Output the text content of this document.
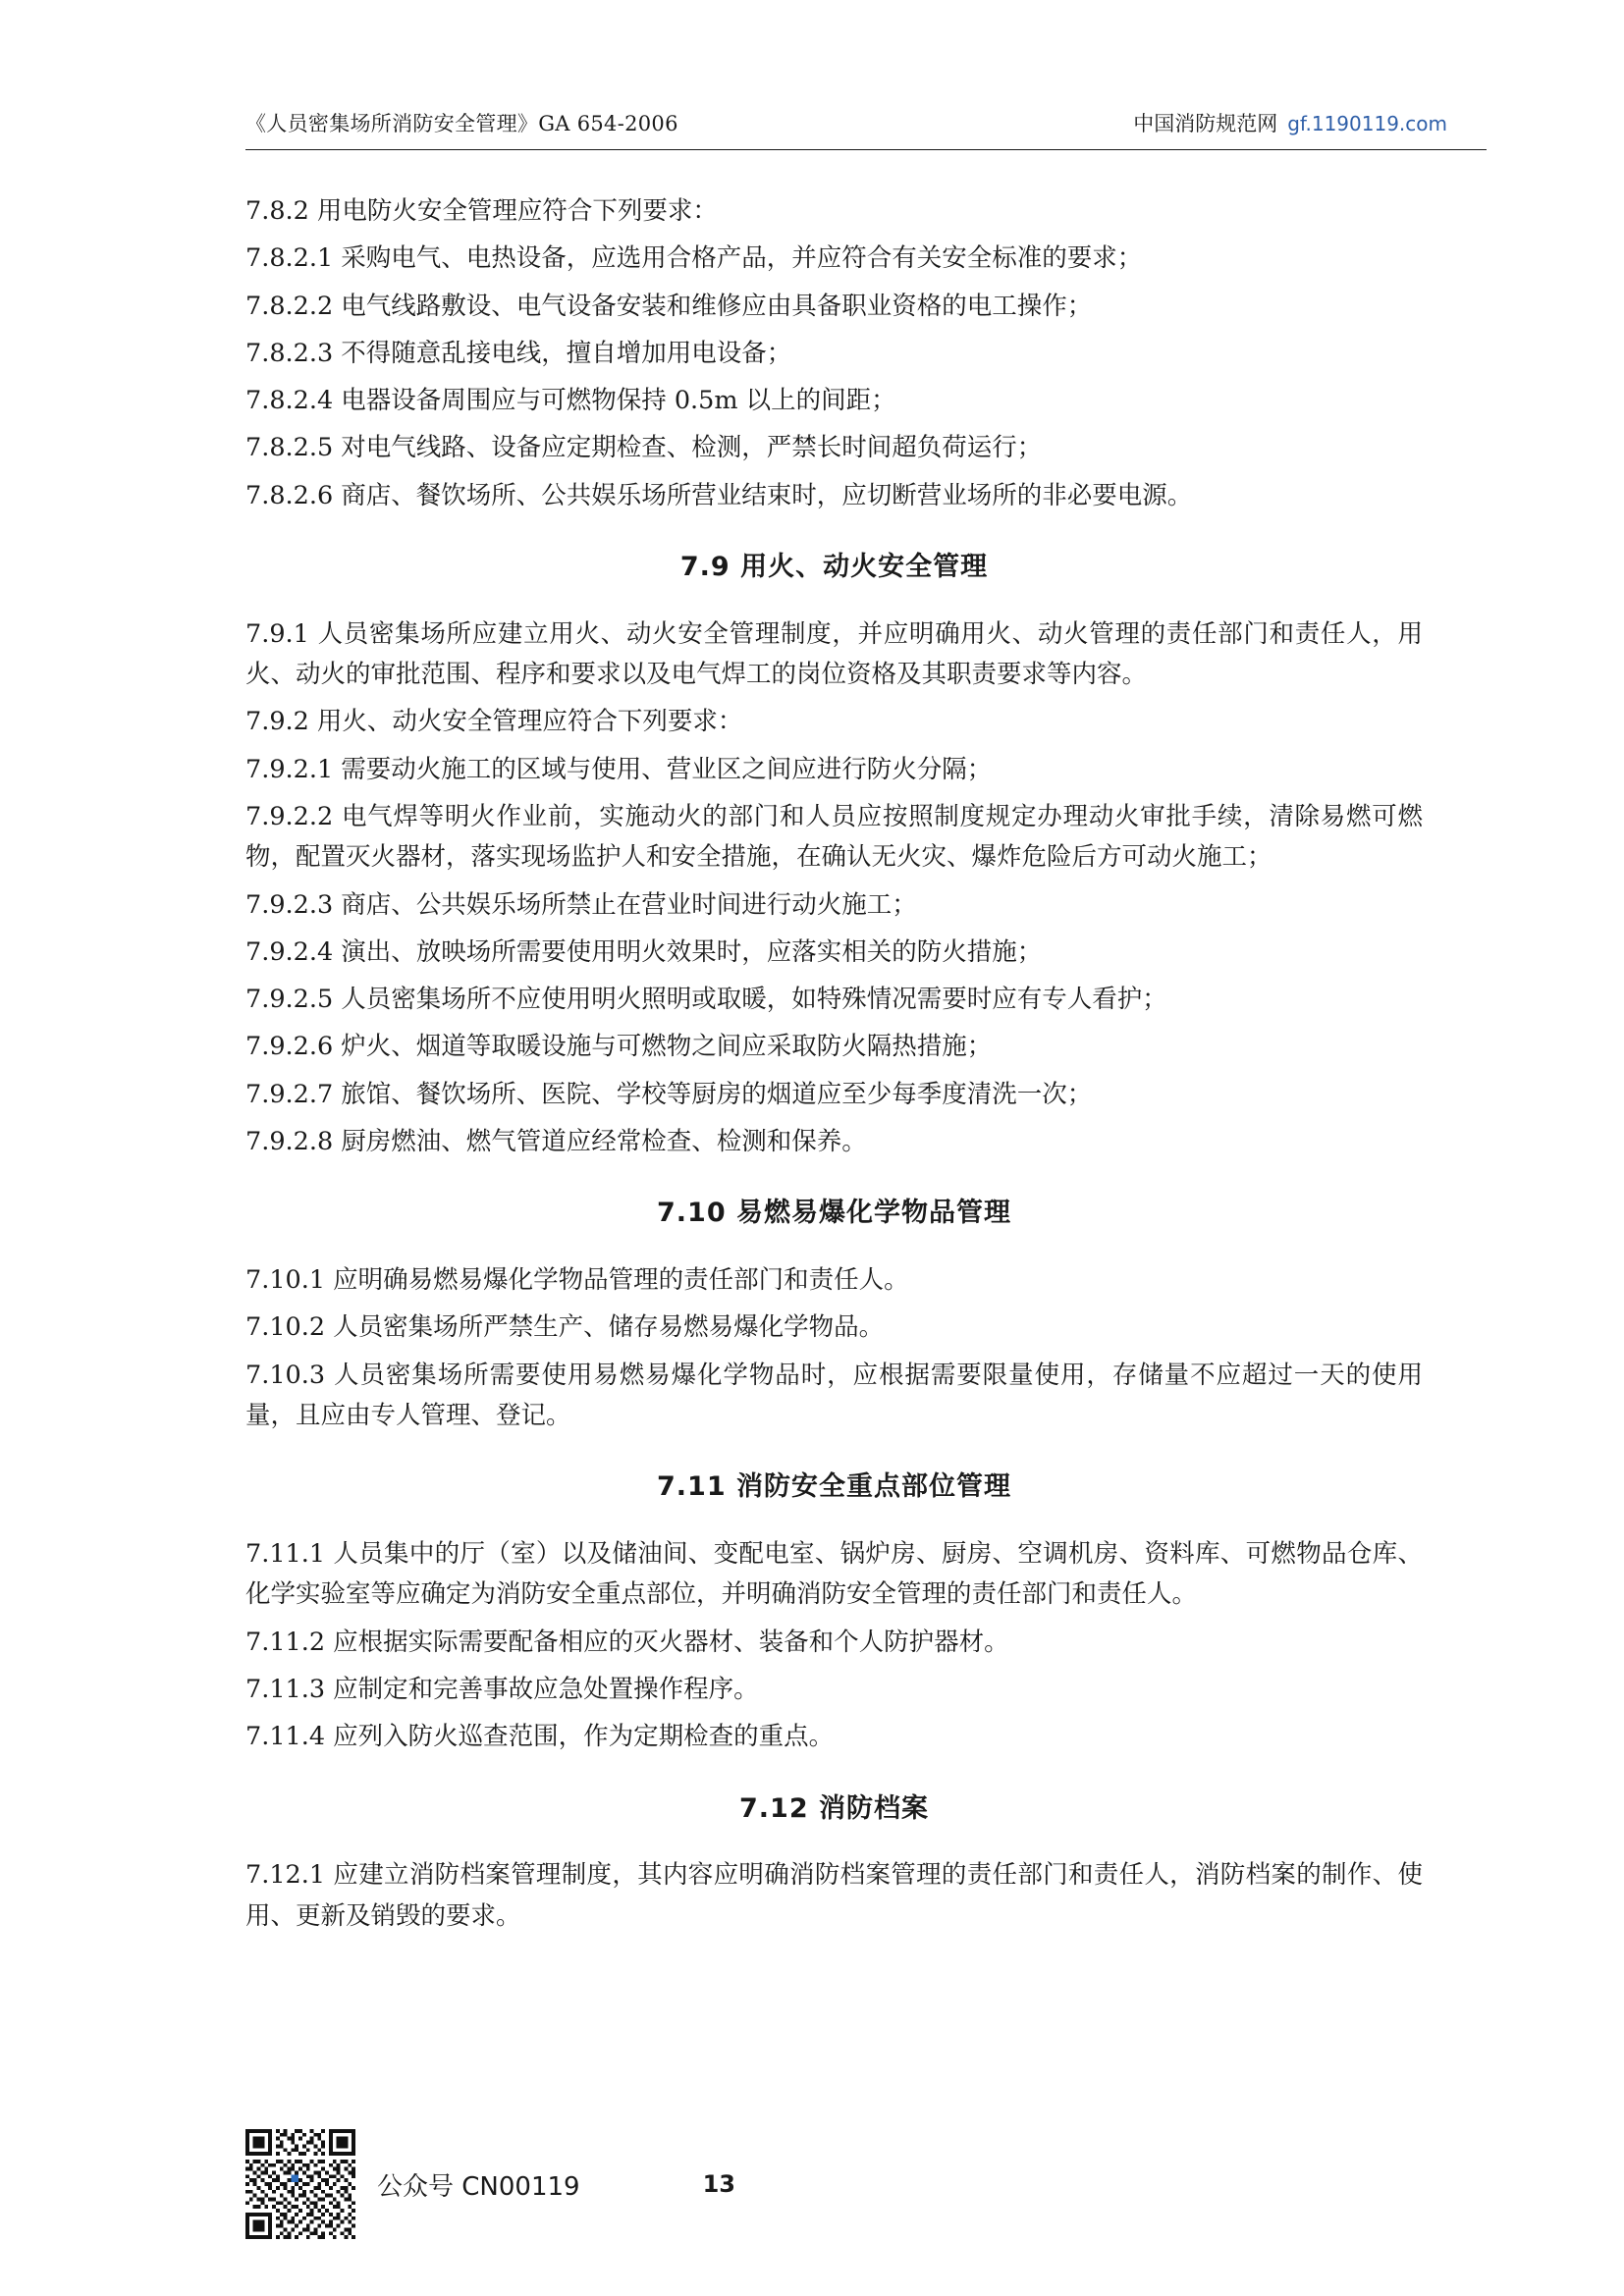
《人员密集场所消防安全管理》GA 654-2006	中国消防规范网 gf.1190119.com

7.8.2 用电防火安全管理应符合下列要求：

7.8.2.1 采购电气、电热设备，应选用合格产品，并应符合有关安全标准的要求；

7.8.2.2 电气线路敷设、电气设备安装和维修应由具备职业资格的电工操作；

7.8.2.3 不得随意乱接电线，擅自增加用电设备；

7.8.2.4 电器设备周围应与可燃物保持 0.5m 以上的间距；

7.8.2.5 对电气线路、设备应定期检查、检测，严禁长时间超负荷运行；

7.8.2.6 商店、餐饮场所、公共娱乐场所营业结束时，应切断营业场所的非必要电源。

7.9 用火、动火安全管理

7.9.1 人员密集场所应建立用火、动火安全管理制度，并应明确用火、动火管理的责任部门和责任人，用火、动火的审批范围、程序和要求以及电气焊工的岗位资格及其职责要求等内容。

7.9.2 用火、动火安全管理应符合下列要求：

7.9.2.1 需要动火施工的区域与使用、营业区之间应进行防火分隔；

7.9.2.2 电气焊等明火作业前，实施动火的部门和人员应按照制度规定办理动火审批手续，清除易燃可燃物，配置灭火器材，落实现场监护人和安全措施，在确认无火灾、爆炸危险后方可动火施工；

7.9.2.3 商店、公共娱乐场所禁止在营业时间进行动火施工；

7.9.2.4 演出、放映场所需要使用明火效果时，应落实相关的防火措施；

7.9.2.5 人员密集场所不应使用明火照明或取暖，如特殊情况需要时应有专人看护；

7.9.2.6 炉火、烟道等取暖设施与可燃物之间应采取防火隔热措施；

7.9.2.7 旅馆、餐饮场所、医院、学校等厨房的烟道应至少每季度清洗一次；

7.9.2.8 厨房燃油、燃气管道应经常检查、检测和保养。

7.10 易燃易爆化学物品管理

7.10.1 应明确易燃易爆化学物品管理的责任部门和责任人。

7.10.2 人员密集场所严禁生产、储存易燃易爆化学物品。

7.10.3 人员密集场所需要使用易燃易爆化学物品时，应根据需要限量使用，存储量不应超过一天的使用量，且应由专人管理、登记。

7.11 消防安全重点部位管理

7.11.1 人员集中的厅（室）以及储油间、变配电室、锅炉房、厨房、空调机房、资料库、可燃物品仓库、化学实验室等应确定为消防安全重点部位，并明确消防安全管理的责任部门和责任人。

7.11.2 应根据实际需要配备相应的灭火器材、装备和个人防护器材。

7.11.3 应制定和完善事故应急处置操作程序。

7.11.4 应列入防火巡查范围，作为定期检查的重点。

7.12 消防档案

7.12.1 应建立消防档案管理制度，其内容应明确消防档案管理的责任部门和责任人，消防档案的制作、使用、更新及销毁的要求。

公众号 CN00119	13
